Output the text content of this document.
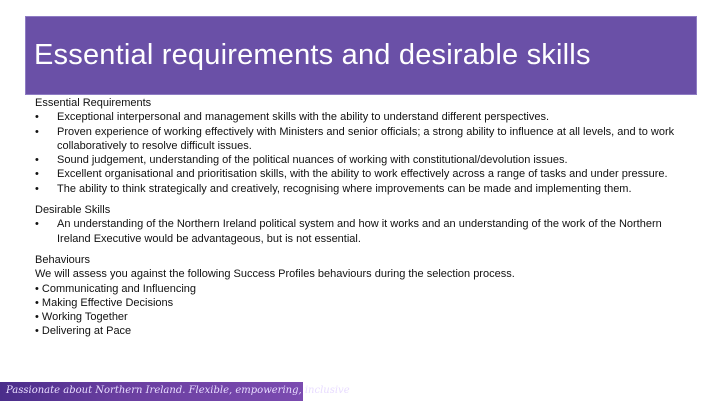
Essential requirements and desirable skills

Essential Requirements

•	Exceptional interpersonal and management skills with the ability to understand different perspectives.
•	Proven experience of working effectively with Ministers and senior officials; a strong ability to influence at all levels, and to work collaboratively to resolve difficult issues.
•	Sound judgement, understanding of the political nuances of working with constitutional/devolution issues.
•	Excellent organisational and prioritisation skills, with the ability to work effectively across a range of tasks and under pressure.
•	The ability to think strategically and creatively, recognising where improvements can be made and implementing them.

Desirable Skills

•	An understanding of the Northern Ireland political system and how it works and an understanding of the work of the Northern Ireland Executive would be advantageous, but is not essential.

Behaviours

We will assess you against the following Success Profiles behaviours during the selection process.

• Communicating and Influencing
• Making Effective Decisions
• Working Together
• Delivering at Pace
Passionate about Northern Ireland. Flexible, empowering, inclusive
